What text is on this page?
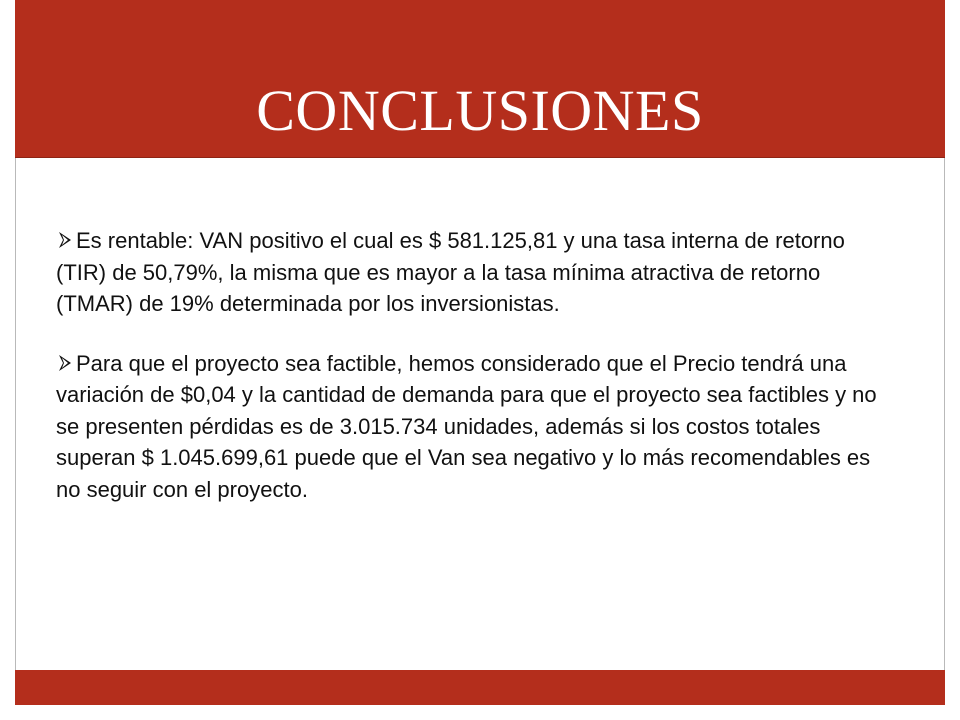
CONCLUSIONES

Es rentable: VAN positivo el cual es $ 581.125,81 y una tasa interna de retorno (TIR) de 50,79%, la misma que es mayor a la tasa mínima atractiva de retorno (TMAR) de 19% determinada por los inversionistas.

Para que el proyecto sea factible, hemos considerado que el Precio tendrá una variación de $0,04 y la cantidad de demanda para que el proyecto sea factibles y no se presenten pérdidas es de 3.015.734 unidades, además si los costos totales superan $ 1.045.699,61 puede que el Van sea negativo y lo más recomendables es no seguir con el proyecto.
